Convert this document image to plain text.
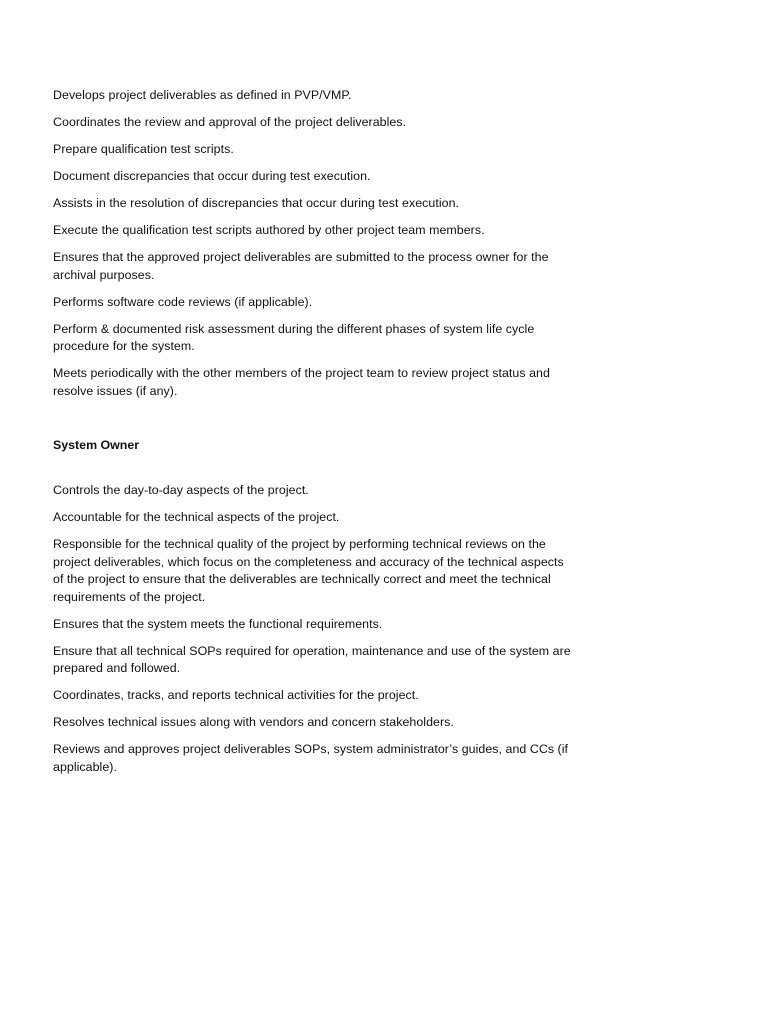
Develops project deliverables as defined in PVP/VMP.

Coordinates the review and approval of the project deliverables.

Prepare qualification test scripts.

Document discrepancies that occur during test execution.

Assists in the resolution of discrepancies that occur during test execution.

Execute the qualification test scripts authored by other project team members.

Ensures that the approved project deliverables are submitted to the process owner for the archival purposes.

Performs software code reviews (if applicable).

Perform & documented risk assessment during the different phases of system life cycle procedure for the system.

Meets periodically with the other members of the project team to review project status and resolve issues (if any).

System Owner

Controls the day-to-day aspects of the project.

Accountable for the technical aspects of the project.

Responsible for the technical quality of the project by performing technical reviews on the project deliverables, which focus on the completeness and accuracy of the technical aspects of the project to ensure that the deliverables are technically correct and meet the technical requirements of the project.

Ensures that the system meets the functional requirements.

Ensure that all technical SOPs required for operation, maintenance and use of the system are prepared and followed.

Coordinates, tracks, and reports technical activities for the project.

Resolves technical issues along with vendors and concern stakeholders.

Reviews and approves project deliverables SOPs, system administrator’s guides, and CCs (if applicable).
